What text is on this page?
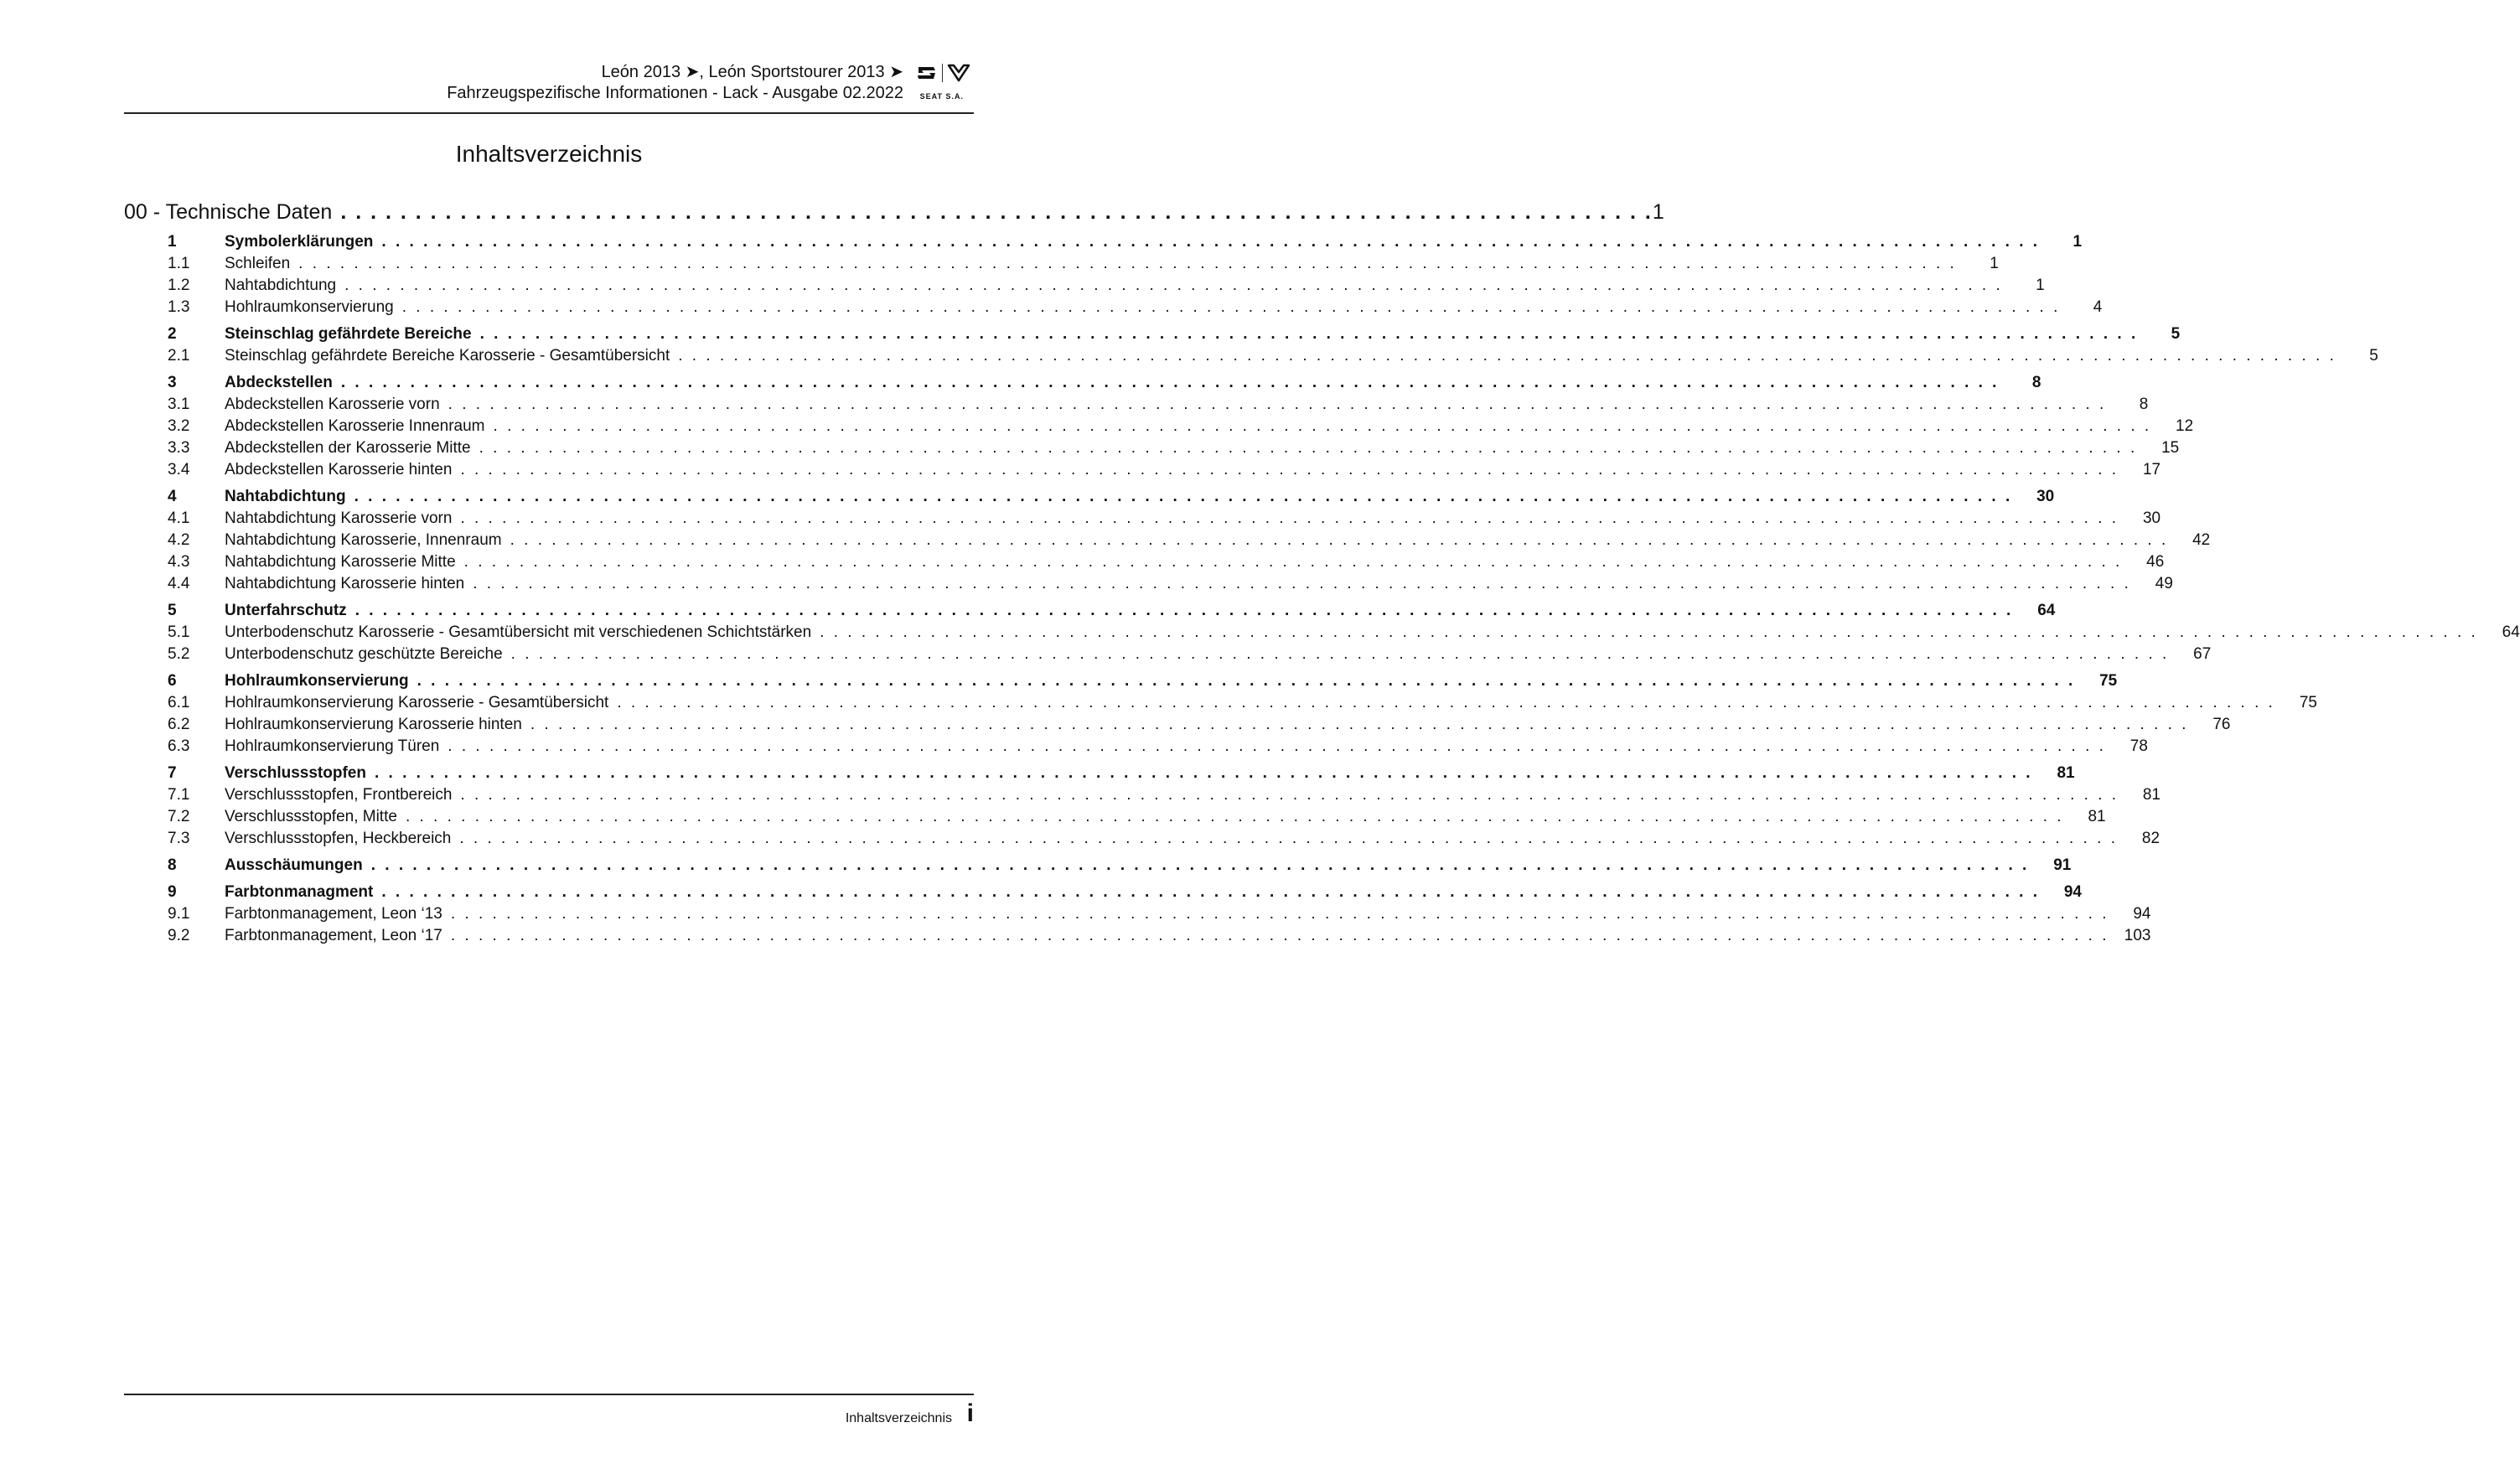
León 2013 ➤, León Sportstourer 2013 ➤
Fahrzeugspezifische Informationen - Lack - Ausgabe 02.2022 SEAT S.A.
Inhaltsverzeichnis
00 - Technische Daten . . . . . . . . . . . . . . . . . . . . . . . . . . . . . . . . . . . . . . . . . . . . . . . . . . . . . . . . . . . . . . . . . . . . . . . . . . . . . . . . . . . . . . . . 1
1	Symbolerklärungen . . . . . . . . . . . . . . . . . . . . . . . . . . . . . . . . . . . . . . . . . . . . . . . . . . . . . . . . . . . . . . . . . . . . . . . . . . . . . . . . . . . . . . . . . . . . . . . . . . . . . . . . . . . . . . . . . . . . . . . .	1
1.1	Schleifen . . . . . . . . . . . . . . . . . . . . . . . . . . . . . . . . . . . . . . . . . . . . . . . . . . . . . . . . . . . . . . . . . . . . . . . . . . . . . . . . . . . . . . . . . . . . . . . . . . . . . . . . . . . . . . . . . . . . . . . .	1
1.2	Nahtabdichtung . . . . . . . . . . . . . . . . . . . . . . . . . . . . . . . . . . . . . . . . . . . . . . . . . . . . . . . . . . . . . . . . . . . . . . . . . . . . . . . . . . . . . . . . . . . . . . . . . . . . . . . . . . . . . . . . . . . . . . . .	1
1.3	Hohlraumkonservierung . . . . . . . . . . . . . . . . . . . . . . . . . . . . . . . . . . . . . . . . . . . . . . . . . . . . . . . . . . . . . . . . . . . . . . . . . . . . . . . . . . . . . . . . . . . . . . . . . . . . . . . . . . . . . . . . . . . . . . . .	4
2	Steinschlag gefährdete Bereiche . . . . . . . . . . . . . . . . . . . . . . . . . . . . . . . . . . . . . . . . . . . . . . . . . . . . . . . . . . . . . . . . . . . . . . . . . . . . . . . . . . . . . . . . . . . . . . . . . . . . . . . . . . . . . . . . . . . . . . . .	5
2.1	Steinschlag gefährdete Bereiche Karosserie - Gesamtübersicht . . . . . . . . . . . . . . . . . . . . . . . . . . . . . . . . . . . . . . . . . . . . . . . . . . . . . . . . . . . . . . . . . . . . . . . . . . . . . . . . . . . . . . . . . . . . . . . . . . . . . . . . . . . . . . . . . . . . . . . .	5
3	Abdeckstellen . . . . . . . . . . . . . . . . . . . . . . . . . . . . . . . . . . . . . . . . . . . . . . . . . . . . . . . . . . . . . . . . . . . . . . . . . . . . . . . . . . . . . . . . . . . . . . . . . . . . . . . . . . . . . . . . . . . . . . . .	8
3.1	Abdeckstellen Karosserie vorn . . . . . . . . . . . . . . . . . . . . . . . . . . . . . . . . . . . . . . . . . . . . . . . . . . . . . . . . . . . . . . . . . . . . . . . . . . . . . . . . . . . . . . . . . . . . . . . . . . . . . . . . . . . . . . . . . . . . . . . .	8
3.2	Abdeckstellen Karosserie Innenraum . . . . . . . . . . . . . . . . . . . . . . . . . . . . . . . . . . . . . . . . . . . . . . . . . . . . . . . . . . . . . . . . . . . . . . . . . . . . . . . . . . . . . . . . . . . . . . . . . . . . . . . . . . . . . . . . . . . . . . . .	12
3.3	Abdeckstellen der Karosserie Mitte . . . . . . . . . . . . . . . . . . . . . . . . . . . . . . . . . . . . . . . . . . . . . . . . . . . . . . . . . . . . . . . . . . . . . . . . . . . . . . . . . . . . . . . . . . . . . . . . . . . . . . . . . . . . . . . . . . . . . . . .	15
3.4	Abdeckstellen Karosserie hinten . . . . . . . . . . . . . . . . . . . . . . . . . . . . . . . . . . . . . . . . . . . . . . . . . . . . . . . . . . . . . . . . . . . . . . . . . . . . . . . . . . . . . . . . . . . . . . . . . . . . . . . . . . . . . . . . . . . . . . . .	17
4	Nahtabdichtung . . . . . . . . . . . . . . . . . . . . . . . . . . . . . . . . . . . . . . . . . . . . . . . . . . . . . . . . . . . . . . . . . . . . . . . . . . . . . . . . . . . . . . . . . . . . . . . . . . . . . . . . . . . . . . . . . . . . . . . .	30
4.1	Nahtabdichtung Karosserie vorn . . . . . . . . . . . . . . . . . . . . . . . . . . . . . . . . . . . . . . . . . . . . . . . . . . . . . . . . . . . . . . . . . . . . . . . . . . . . . . . . . . . . . . . . . . . . . . . . . . . . . . . . . . . . . . . . . . . . . . . .	30
4.2	Nahtabdichtung Karosserie, Innenraum . . . . . . . . . . . . . . . . . . . . . . . . . . . . . . . . . . . . . . . . . . . . . . . . . . . . . . . . . . . . . . . . . . . . . . . . . . . . . . . . . . . . . . . . . . . . . . . . . . . . . . . . . . . . . . . . . . . . . . . .	42
4.3	Nahtabdichtung Karosserie Mitte . . . . . . . . . . . . . . . . . . . . . . . . . . . . . . . . . . . . . . . . . . . . . . . . . . . . . . . . . . . . . . . . . . . . . . . . . . . . . . . . . . . . . . . . . . . . . . . . . . . . . . . . . . . . . . . . . . . . . . . .	46
4.4	Nahtabdichtung Karosserie hinten . . . . . . . . . . . . . . . . . . . . . . . . . . . . . . . . . . . . . . . . . . . . . . . . . . . . . . . . . . . . . . . . . . . . . . . . . . . . . . . . . . . . . . . . . . . . . . . . . . . . . . . . . . . . . . . . . . . . . . . .	49
5	Unterfahrschutz . . . . . . . . . . . . . . . . . . . . . . . . . . . . . . . . . . . . . . . . . . . . . . . . . . . . . . . . . . . . . . . . . . . . . . . . . . . . . . . . . . . . . . . . . . . . . . . . . . . . . . . . . . . . . . . . . . . . . . . .	64
5.1	Unterbodenschutz Karosserie - Gesamtübersicht mit verschiedenen Schichtstärken . . . . . . . . . . . . . . . . . . . . . . . . . . . . . . . . . . . . . . . . . . . . . . . . . . . . . . . . . . . . . . . . . . . . . . . . . . . . . . . . . . . . . . . . . . . . . . . . . . . . . . . . . . . . . . . . . . . . . . . .	64
5.2	Unterbodenschutz geschützte Bereiche . . . . . . . . . . . . . . . . . . . . . . . . . . . . . . . . . . . . . . . . . . . . . . . . . . . . . . . . . . . . . . . . . . . . . . . . . . . . . . . . . . . . . . . . . . . . . . . . . . . . . . . . . . . . . . . . . . . . . . . .	67
6	Hohlraumkonservierung . . . . . . . . . . . . . . . . . . . . . . . . . . . . . . . . . . . . . . . . . . . . . . . . . . . . . . . . . . . . . . . . . . . . . . . . . . . . . . . . . . . . . . . . . . . . . . . . . . . . . . . . . . . . . . . . . . . . . . . .	75
6.1	Hohlraumkonservierung Karosserie - Gesamtübersicht . . . . . . . . . . . . . . . . . . . . . . . . . . . . . . . . . . . . . . . . . . . . . . . . . . . . . . . . . . . . . . . . . . . . . . . . . . . . . . . . . . . . . . . . . . . . . . . . . . . . . . . . . . . . . . . . . . . . . . . .	75
6.2	Hohlraumkonservierung Karosserie hinten . . . . . . . . . . . . . . . . . . . . . . . . . . . . . . . . . . . . . . . . . . . . . . . . . . . . . . . . . . . . . . . . . . . . . . . . . . . . . . . . . . . . . . . . . . . . . . . . . . . . . . . . . . . . . . . . . . . . . . . .	76
6.3	Hohlraumkonservierung Türen . . . . . . . . . . . . . . . . . . . . . . . . . . . . . . . . . . . . . . . . . . . . . . . . . . . . . . . . . . . . . . . . . . . . . . . . . . . . . . . . . . . . . . . . . . . . . . . . . . . . . . . . . . . . . . . . . . . . . . . .	78
7	Verschlussstopfen . . . . . . . . . . . . . . . . . . . . . . . . . . . . . . . . . . . . . . . . . . . . . . . . . . . . . . . . . . . . . . . . . . . . . . . . . . . . . . . . . . . . . . . . . . . . . . . . . . . . . . . . . . . . . . . . . . . . . . . .	81
7.1	Verschlussstopfen, Frontbereich . . . . . . . . . . . . . . . . . . . . . . . . . . . . . . . . . . . . . . . . . . . . . . . . . . . . . . . . . . . . . . . . . . . . . . . . . . . . . . . . . . . . . . . . . . . . . . . . . . . . . . . . . . . . . . . . . . . . . . . .	81
7.2	Verschlussstopfen, Mitte . . . . . . . . . . . . . . . . . . . . . . . . . . . . . . . . . . . . . . . . . . . . . . . . . . . . . . . . . . . . . . . . . . . . . . . . . . . . . . . . . . . . . . . . . . . . . . . . . . . . . . . . . . . . . . . . . . . . . . . .	81
7.3	Verschlussstopfen, Heckbereich . . . . . . . . . . . . . . . . . . . . . . . . . . . . . . . . . . . . . . . . . . . . . . . . . . . . . . . . . . . . . . . . . . . . . . . . . . . . . . . . . . . . . . . . . . . . . . . . . . . . . . . . . . . . . . . . . . . . . . . .	82
8	Ausschäumungen . . . . . . . . . . . . . . . . . . . . . . . . . . . . . . . . . . . . . . . . . . . . . . . . . . . . . . . . . . . . . . . . . . . . . . . . . . . . . . . . . . . . . . . . . . . . . . . . . . . . . . . . . . . . . . . . . . . . . . . .	91
9	Farbtonmanagment . . . . . . . . . . . . . . . . . . . . . . . . . . . . . . . . . . . . . . . . . . . . . . . . . . . . . . . . . . . . . . . . . . . . . . . . . . . . . . . . . . . . . . . . . . . . . . . . . . . . . . . . . . . . . . . . . . . . . . . .	94
9.1	Farbtonmanagement, Leon ‘13 . . . . . . . . . . . . . . . . . . . . . . . . . . . . . . . . . . . . . . . . . . . . . . . . . . . . . . . . . . . . . . . . . . . . . . . . . . . . . . . . . . . . . . . . . . . . . . . . . . . . . . . . . . . . . . . . . . . . . . . .	94
9.2	Farbtonmanagement, Leon ‘17 . . . . . . . . . . . . . . . . . . . . . . . . . . . . . . . . . . . . . . . . . . . . . . . . . . . . . . . . . . . . . . . . . . . . . . . . . . . . . . . . . . . . . . . . . . . . . . . . . . . . . . . . . . . . . . . . . . . . . . . . 103
Inhaltsverzeichnis i
